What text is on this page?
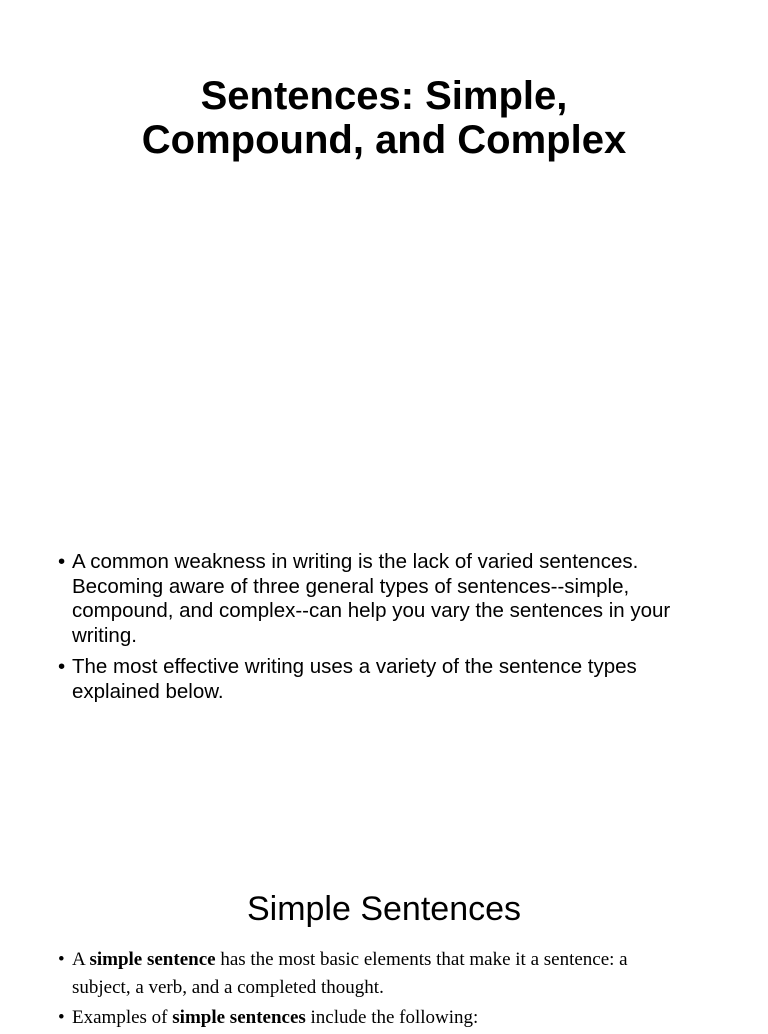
Sentences: Simple,
Compound, and Complex
• A common weakness in writing is the lack of varied sentences. Becoming aware of three general types of sentences--simple, compound, and complex--can help you vary the sentences in your writing.
• The most effective writing uses a variety of the sentence types explained below.
Simple Sentences
• A simple sentence has the most basic elements that make it a sentence: a subject, a verb, and a completed thought.
• Examples of simple sentences include the following:
